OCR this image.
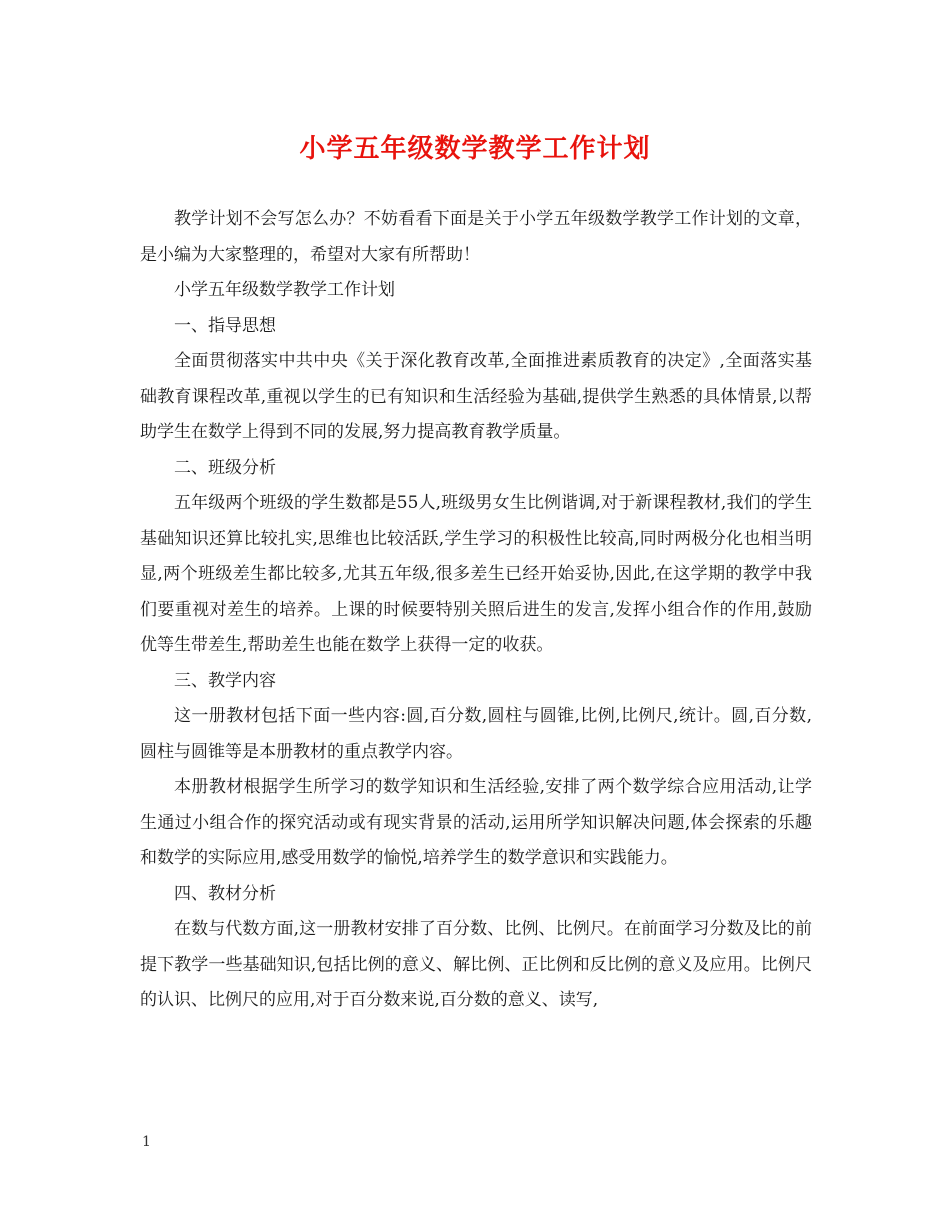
小学五年级数学教学工作计划

教学计划不会写怎么办？不妨看看下面是关于小学五年级数学教学工作计划的文章，是小编为大家整理的，希望对大家有所帮助！

小学五年级数学教学工作计划

一、指导思想

全面贯彻落实中共中央《关于深化教育改革,全面推进素质教育的决定》,全面落实基础教育课程改革,重视以学生的已有知识和生活经验为基础,提供学生熟悉的具体情景,以帮助学生在数学上得到不同的发展,努力提高教育教学质量。

二、班级分析

五年级两个班级的学生数都是55人,班级男女生比例谐调,对于新课程教材,我们的学生基础知识还算比较扎实,思维也比较活跃,学生学习的积极性比较高,同时两极分化也相当明显,两个班级差生都比较多,尤其五年级,很多差生已经开始妥协,因此,在这学期的教学中我们要重视对差生的培养。上课的时候要特别关照后进生的发言,发挥小组合作的作用,鼓励优等生带差生,帮助差生也能在数学上获得一定的收获。

三、教学内容

这一册教材包括下面一些内容:圆,百分数,圆柱与圆锥,比例,比例尺,统计。圆,百分数,圆柱与圆锥等是本册教材的重点教学内容。

本册教材根据学生所学习的数学知识和生活经验,安排了两个数学综合应用活动,让学生通过小组合作的探究活动或有现实背景的活动,运用所学知识解决问题,体会探索的乐趣和数学的实际应用,感受用数学的愉悦,培养学生的数学意识和实践能力。

四、教材分析

在数与代数方面,这一册教材安排了百分数、比例、比例尺。在前面学习分数及比的前提下教学一些基础知识,包括比例的意义、解比例、正比例和反比例的意义及应用。比例尺的认识、比例尺的应用,对于百分数来说,百分数的意义、读写,

1
